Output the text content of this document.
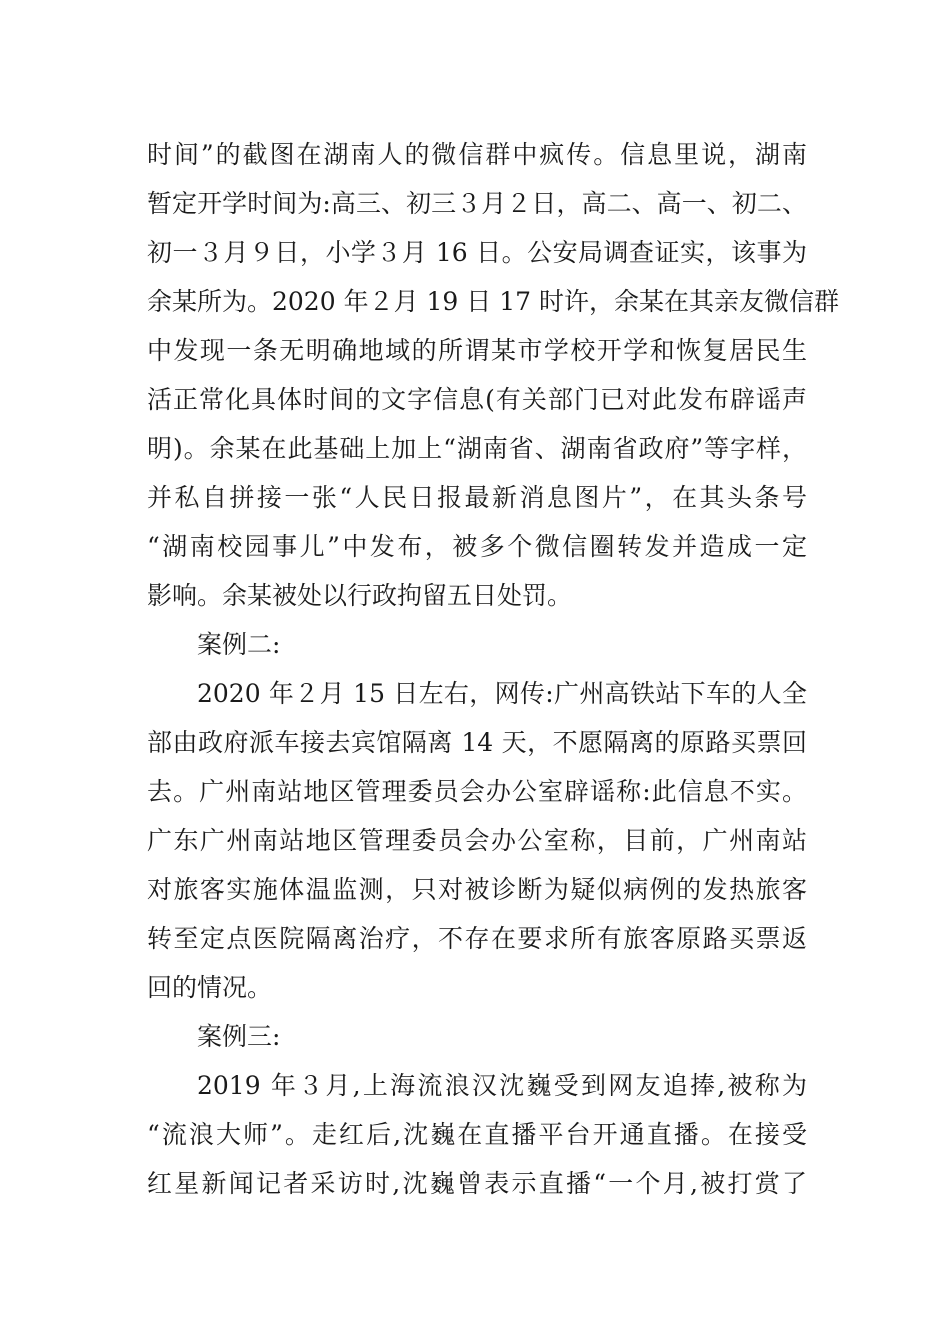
时间”的截图在湖南人的微信群中疯传。信息里说，湖南
暂定开学时间为:高三、初三３月２日，高二、高一、初二、
初一３月９日，小学３月 16 日。公安局调查证实，该事为
余某所为。2020 年２月 19 日 17 时许，余某在其亲友微信群
中发现一条无明确地域的所谓某市学校开学和恢复居民生
活正常化具体时间的文字信息(有关部门已对此发布辟谣声
明)。余某在此基础上加上“湖南省、湖南省政府”等字样，
并私自拼接一张“人民日报最新消息图片”，在其头条号
“湖南校园事儿”中发布，被多个微信圈转发并造成一定
影响。余某被处以行政拘留五日处罚。
案例二:
2020 年２月 15 日左右，网传:广州高铁站下车的人全
部由政府派车接去宾馆隔离 14 天，不愿隔离的原路买票回
去。广州南站地区管理委员会办公室辟谣称:此信息不实。
广东广州南站地区管理委员会办公室称，目前，广州南站
对旅客实施体温监测，只对被诊断为疑似病例的发热旅客
转至定点医院隔离治疗，不存在要求所有旅客原路买票返
回的情况。
案例三:
2019 年３月,上海流浪汉沈巍受到网友追捧,被称为
“流浪大师”。走红后,沈巍在直播平台开通直播。在接受
红星新闻记者采访时,沈巍曾表示直播“一个月,被打赏了
